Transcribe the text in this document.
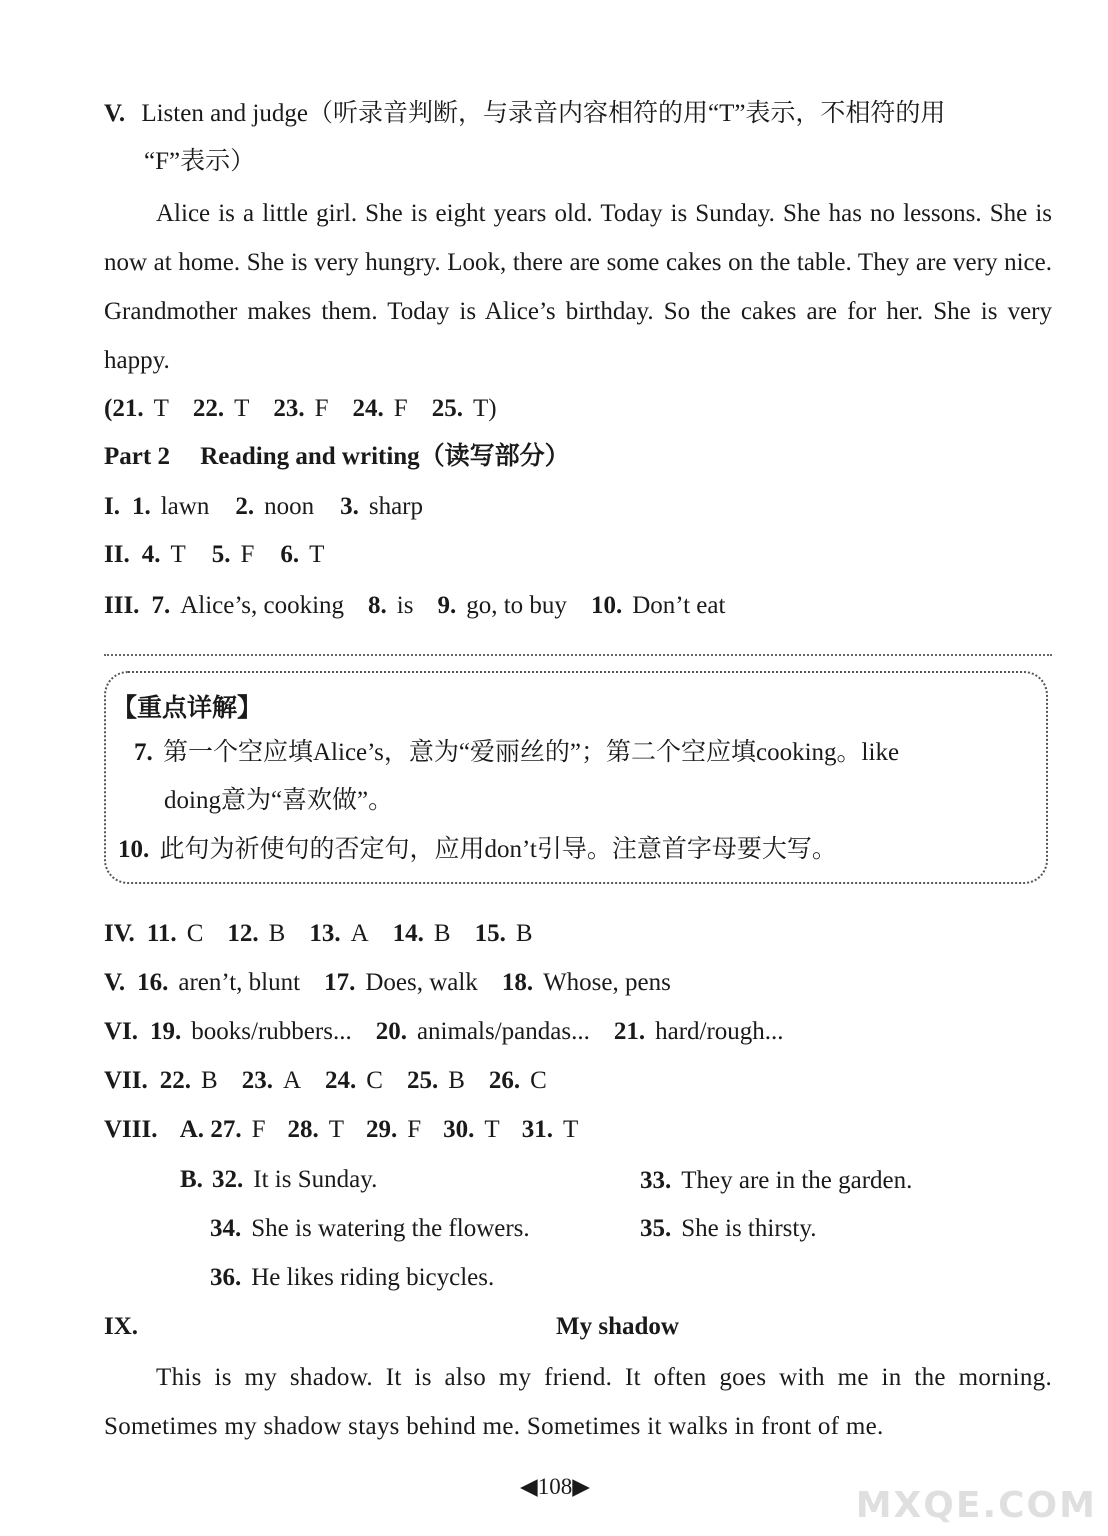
V. Listen and judge（听录音判断，与录音内容相符的用“T”表示，不相符的用
“F”表示）
Alice is a little girl. She is eight years old. Today is Sunday. She has no lessons. She is now at home. She is very hungry. Look, there are some cakes on the table. They are very nice. Grandmother makes them. Today is Alice’s birthday. So the cakes are for her. She is very happy.
(21. T 22. T 23. F 24. F 25. T)
Part 2 Reading and writing（读写部分）
I. 1. lawn 2. noon 3. sharp
II. 4. T 5. F 6. T
III. 7. Alice’s, cooking 8. is 9. go, to buy 10. Don’t eat
【重点详解】
7. 第一个空应填Alice’s，意为“爱丽丝的”；第二个空应填cooking。like
doing意为“喜欢做”。
10. 此句为祈使句的否定句，应用don’t引导。注意首字母要大写。
IV. 11. C 12. B 13. A 14. B 15. B
V. 16. aren’t, blunt 17. Does, walk 18. Whose, pens
VI. 19. books/rubbers... 20. animals/pandas... 21. hard/rough...
VII. 22. B 23. A 24. C 25. B 26. C
VIII. A. 27. F 28. T 29. F 30. T 31. T
B. 32. It is Sunday.	33. They are in the garden.
34. She is watering the flowers.	35. She is thirsty.
36. He likes riding bicycles.
IX.	My shadow
This is my shadow. It is also my friend. It often goes with me in the morning. Sometimes my shadow stays behind me. Sometimes it walks in front of me.
◀108▶	MXQE.COM
